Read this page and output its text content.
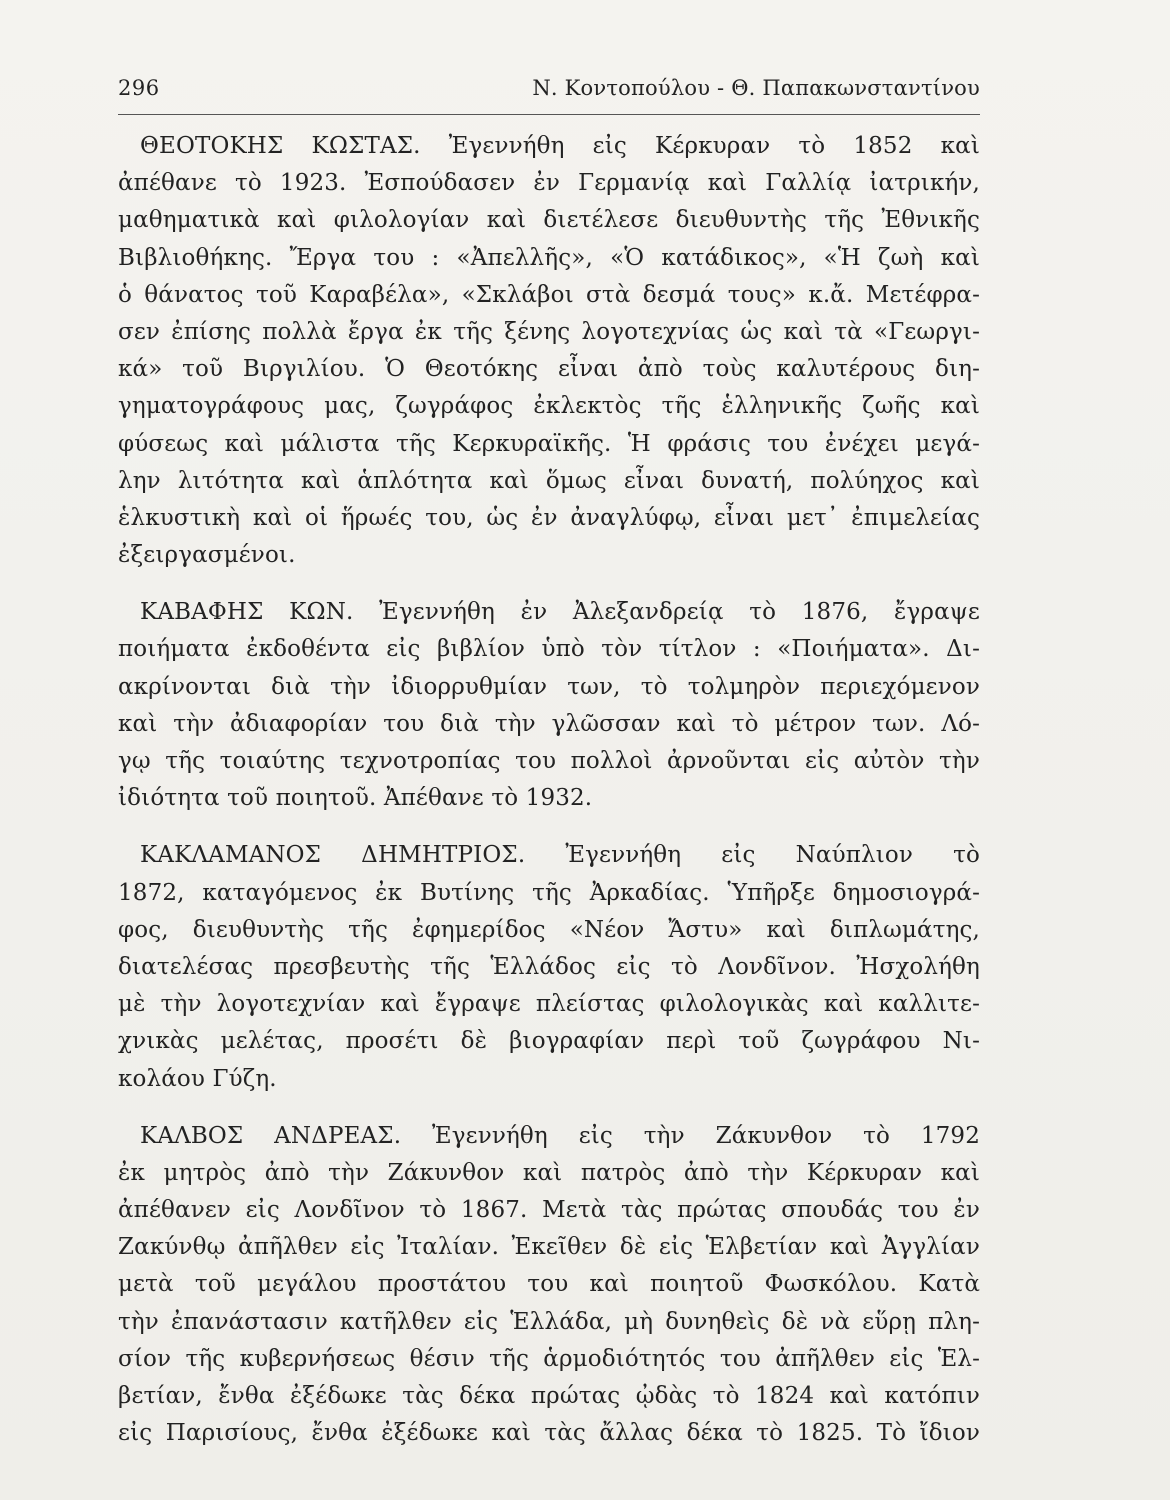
296	Ν. Κοντοπούλου - Θ. Παπακωνσταντίνου
ΘΕΟΤΟΚΗΣ ΚΩΣΤΑΣ. Ἐγεννήθη εἰς Κέρκυραν τὸ 1852 καὶ
ἀπέθανε τὸ 1923. Ἐσπούδασεν ἐν Γερμανίᾳ καὶ Γαλλίᾳ ἰατρικήν,
μαθηματικὰ καὶ φιλολογίαν καὶ διετέλεσε διευθυντὴς τῆς Ἐθνικῆς
Βιβλιοθήκης. Ἔργα του : «Ἀπελλῆς», «Ὁ κατάδικος», «Ἡ ζωὴ καὶ
ὁ θάνατος τοῦ Καραβέλα», «Σκλάβοι στὰ δεσμά τους» κ.ἄ. Μετέφρα-
σεν ἐπίσης πολλὰ ἔργα ἐκ τῆς ξένης λογοτεχνίας ὡς καὶ τὰ «Γεωργι-
κά» τοῦ Βιργιλίου. Ὁ Θεοτόκης εἶναι ἀπὸ τοὺς καλυτέρους διη-
γηματογράφους μας, ζωγράφος ἐκλεκτὸς τῆς ἑλληνικῆς ζωῆς καὶ
φύσεως καὶ μάλιστα τῆς Κερκυραϊκῆς. Ἡ φράσις του ἐνέχει μεγά-
λην λιτότητα καὶ ἁπλότητα καὶ ὅμως εἶναι δυνατή, πολύηχος καὶ
ἑλκυστικὴ καὶ οἱ ἥρωές του, ὡς ἐν ἀναγλύφῳ, εἶναι μετ᾽ ἐπιμελείας
ἐξειργασμένοι.
ΚΑΒΑΦΗΣ ΚΩΝ. Ἐγεννήθη ἐν Ἀλεξανδρείᾳ τὸ 1876, ἔγραψε
ποιήματα ἐκδοθέντα εἰς βιβλίον ὑπὸ τὸν τίτλον : «Ποιήματα». Δι-
ακρίνονται διὰ τὴν ἰδιορρυθμίαν των, τὸ τολμηρὸν περιεχόμενον
καὶ τὴν ἀδιαφορίαν του διὰ τὴν γλῶσσαν καὶ τὸ μέτρον των. Λό-
γῳ τῆς τοιαύτης τεχνοτροπίας του πολλοὶ ἀρνοῦνται εἰς αὐτὸν τὴν
ἰδιότητα τοῦ ποιητοῦ. Ἀπέθανε τὸ 1932.
ΚΑΚΛΑΜΑΝΟΣ ΔΗΜΗΤΡΙΟΣ. Ἐγεννήθη εἰς Ναύπλιον τὸ
1872, καταγόμενος ἐκ Βυτίνης τῆς Ἀρκαδίας. Ὑπῆρξε δημοσιογρά-
φος, διευθυντὴς τῆς ἐφημερίδος «Νέον Ἄστυ» καὶ διπλωμάτης,
διατελέσας πρεσβευτὴς τῆς Ἑλλάδος εἰς τὸ Λονδῖνον. Ἠσχολήθη
μὲ τὴν λογοτεχνίαν καὶ ἔγραψε πλείστας φιλολογικὰς καὶ καλλιτε-
χνικὰς μελέτας, προσέτι δὲ βιογραφίαν περὶ τοῦ ζωγράφου Νι-
κολάου Γύζη.
ΚΑΛΒΟΣ ΑΝΔΡΕΑΣ. Ἐγεννήθη εἰς τὴν Ζάκυνθον τὸ 1792
ἐκ μητρὸς ἀπὸ τὴν Ζάκυνθον καὶ πατρὸς ἀπὸ τὴν Κέρκυραν καὶ
ἀπέθανεν εἰς Λονδῖνον τὸ 1867. Μετὰ τὰς πρώτας σπουδάς του ἐν
Ζακύνθῳ ἀπῆλθεν εἰς Ἰταλίαν. Ἐκεῖθεν δὲ εἰς Ἑλβετίαν καὶ Ἀγγλίαν
μετὰ τοῦ μεγάλου προστάτου του καὶ ποιητοῦ Φωσκόλου. Κατὰ
τὴν ἐπανάστασιν κατῆλθεν εἰς Ἑλλάδα, μὴ δυνηθεὶς δὲ νὰ εὕρῃ πλη-
σίον τῆς κυβερνήσεως θέσιν τῆς ἁρμοδιότητός του ἀπῆλθεν εἰς Ἑλ-
βετίαν, ἔνθα ἐξέδωκε τὰς δέκα πρώτας ᾠδὰς τὸ 1824 καὶ κατόπιν
εἰς Παρισίους, ἔνθα ἐξέδωκε καὶ τὰς ἄλλας δέκα τὸ 1825. Τὸ ἴδιον
